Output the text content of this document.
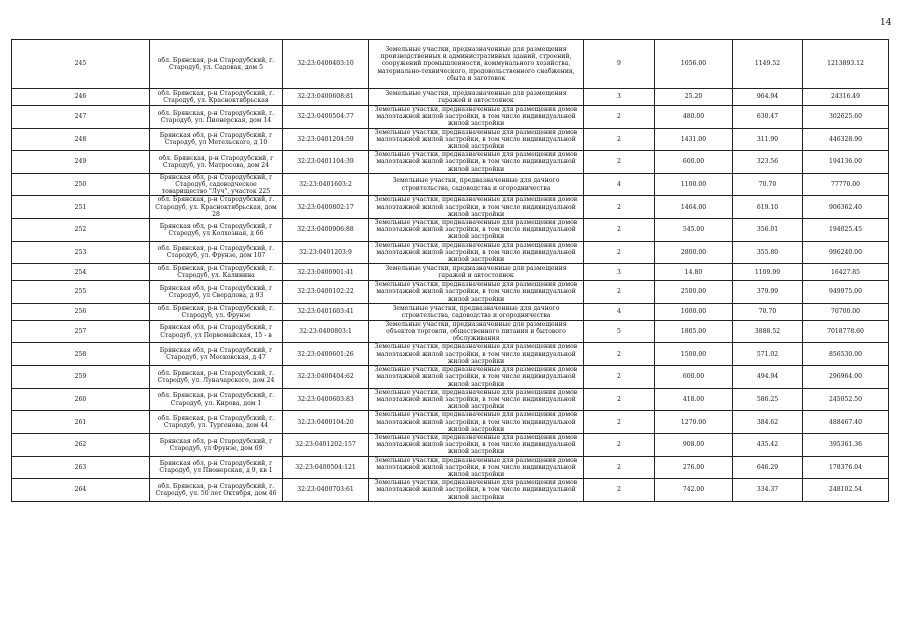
14
245	обл. Брянская, р-н Стародубский, г. Стародуб, ул. Садовая, дом 5	32:23:0400403:10	Земельные участки, предназначенные для размещения производственных и административных зданий, строений, сооружений промышленности, коммунального хозяйства, материально-технического, продовольственного снабжения, сбыта и заготовок	9	1056.00	1149.52	1213893.12
246	обл. Брянская, р-н Стародубский, г. Стародуб, ул. Красноктябрьская	32:23:0400608:81	Земельные участки, предназначенные для размещения гаражей и автостоянок	3	25.20	964.94	24316.49
247	обл. Брянская, р-н Стародубский, г. Стародуб, ул. Пионерская, дом 14	32:23:0400504:77	Земельные участки, предназначенные для размещения домов малоэтажной жилой застройки, в том числе индивидуальной жилой застройки	2	480.00	630.47	302625.60
248	Брянская обл, р-н Стародубский, г Стародуб, ул Метельского, д 10	32:23:0401204:59	Земельные участки, предназначенные для размещения домов малоэтажной жилой застройки, в том числе индивидуальной жилой застройки	2	1431.00	311.90	446328.90
249	обл. Брянская, р-н Стародубский, г Стародуб, ул. Матросова, дом 24	32:23:0401104:39	Земельные участки, предназначенные для размещения домов малоэтажной жилой застройки, в том числе индивидуальной жилой застройки	2	600.00	323.56	194136.00
250	Брянская обл, р-н Стародубский, г Стародуб, садоводческое товарищество "Луч", участок 225	32:23:0401603:2	Земельные участки, предназначенные для дачного строительства, садоводства и огородничества	4	1100.00	70.70	77770.00
251	обл. Брянская, р-н Стародубский, г. Стародуб, ул. Красноктябрьская, дом 28	32:23:0400802:17	Земельные участки, предназначенные для размещения домов малоэтажной жилой застройки, в том числе индивидуальной жилой застройки	2	1464.00	619.10	906362.40
252	Брянская обл, р-н Стародубский, г Стародуб, ул Колхозная, д 66	32:23:0400906:88	Земельные участки, предназначенные для размещения домов малоэтажной жилой застройки, в том числе индивидуальной жилой застройки	2	545.00	356.01	194025.45
253	обл. Брянская, р-н Стародубский, г. Стародуб, ул. Фрунзе, дом 107	32:23:0401203:9	Земельные участки, предназначенные для размещения домов малоэтажной жилой застройки, в том числе индивидуальной жилой застройки	2	2800.00	355.80	996240.00
254	обл. Брянская, р-н Стародубский, г. Стародуб, ул. Калинина	32:23:0400901:41	Земельные участки, предназначенные для размещения гаражей и автостоянок	3	14.80	1109.99	16427.85
255	Брянская обл, р-н Стародубский, г Стародуб, ул Свердлова, д 93	32:23:0400102:22	Земельные участки, предназначенные для размещения домов малоэтажной жилой застройки, в том числе индивидуальной жилой застройки	2	2500.00	379.99	949975.00
256	обл. Брянская, р-н Стародубский, г. Стародуб, ул. Фрунзе	32:23:0401603:41	Земельные участки, предназначенные для дачного строительства, садоводства и огородничества	4	1000.00	70.70	70700.00
257	Брянская обл, р-н Стародубский, г Стародуб, ул Первомайская, 15 - в	32:23:0400803:1	Земельные участки, предназначенные для размещения объектов торговли, общественного питания и бытового обслуживания	5	1805.00	3888.52	7018778.60
258	Брянская обл, р-н Стародубский, г Стародуб, ул Московская, д 47	32:23:0400601:26	Земельные участки, предназначенные для размещения домов малоэтажной жилой застройки, в том числе индивидуальной жилой застройки	2	1500.00	571.02	856530.00
259	обл. Брянская, р-н Стародубский, г. Стародуб, ул. Луначарского, дом 24	32:23:0400404:62	Земельные участки, предназначенные для размещения домов малоэтажной жилой застройки, в том числе индивидуальной жилой застройки	2	600.00	494.94	296964.00
260	обл. Брянская, р-н Стародубский, г. Стародуб, ул. Кирова, дом 1	32:23:0400603:83	Земельные участки, предназначенные для размещения домов малоэтажной жилой застройки, в том числе индивидуальной жилой застройки	2	418.00	586.25	245052.50
261	обл. Брянская, р-н Стародубский, г. Стародуб, ул. Тургенева, дом 44	32:23:0400104:20	Земельные участки, предназначенные для размещения домов малоэтажной жилой застройки, в том числе индивидуальной жилой застройки	2	1270.00	384.62	488467.40
262	Брянская обл, р-н Стародубский, г Стародуб, ул Фрунзе, дом 69	32:23:0401202:157	Земельные участки, предназначенные для размещения домов малоэтажной жилой застройки, в том числе индивидуальной жилой застройки	2	908.00	435.42	395361.36
263	Брянская обл, р-н Стародубский, г Стародуб, ул Пионерская, д 9, кв 1	32:23:0400504:121	Земельные участки, предназначенные для размещения домов малоэтажной жилой застройки, в том числе индивидуальной жилой застройки	2	276.00	646.29	178376.04
264	обл. Брянская, р-н Стародубский, г. Стародуб, ул. 50 лет Октября, дом 46	32:23:0400703:61	Земельные участки, предназначенные для размещения домов малоэтажной жилой застройки, в том числе индивидуальной жилой застройки	2	742.00	334.37	248102.54
